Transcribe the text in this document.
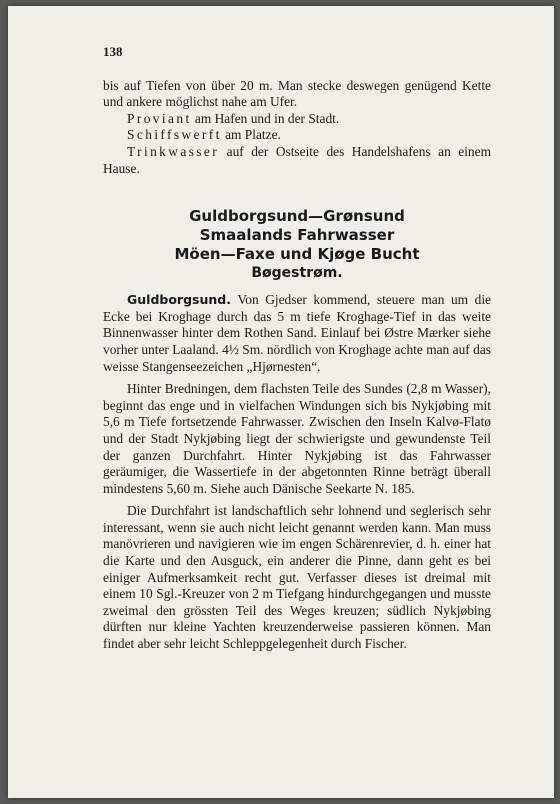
138

bis auf Tiefen von über 20 m. Man stecke deswegen genügend Kette und ankere möglichst nahe am Ufer.

Proviant am Hafen und in der Stadt.

Schiffswerft am Platze.

Trinkwasser auf der Ostseite des Handelshafens an einem Hause.

Guldborgsund—Grønsund
Smaalands Fahrwasser
Möen—Faxe und Kjøge Bucht
Bøgestrøm.

Guldborgsund. Von Gjedser kommend, steuere man um die Ecke bei Kroghage durch das 5 m tiefe Kroghage-Tief in das weite Binnenwasser hinter dem Rothen Sand. Einlauf bei Østre Mærker siehe vorher unter Laaland. 4½ Sm. nördlich von Kroghage achte man auf das weisse Stangenseezeichen „Hjørnesten“.

Hinter Bredningen, dem flachsten Teile des Sundes (2,8 m Wasser), beginnt das enge und in vielfachen Windungen sich bis Nykjøbing mit 5,6 m Tiefe fortsetzende Fahrwasser. Zwischen den Inseln Kalvø-Flatø und der Stadt Nykjøbing liegt der schwierigste und gewundenste Teil der ganzen Durchfahrt. Hinter Nykjøbing ist das Fahrwasser geräumiger, die Wassertiefe in der abgetonnten Rinne beträgt überall mindestens 5,60 m. Siehe auch Dänische Seekarte N. 185.

Die Durchfahrt ist landschaftlich sehr lohnend und seglerisch sehr interessant, wenn sie auch nicht leicht genannt werden kann. Man muss manövrieren und navigieren wie im engen Schärenrevier, d. h. einer hat die Karte und den Ausguck, ein anderer die Pinne, dann geht es bei einiger Aufmerksamkeit recht gut. Verfasser dieses ist dreimal mit einem 10 Sgl.-Kreuzer von 2 m Tiefgang hindurchgegangen und musste zweimal den grössten Teil des Weges kreuzen; südlich Nykjøbing dürften nur kleine Yachten kreuzenderweise passieren können. Man findet aber sehr leicht Schleppgelegenheit durch Fischer.
